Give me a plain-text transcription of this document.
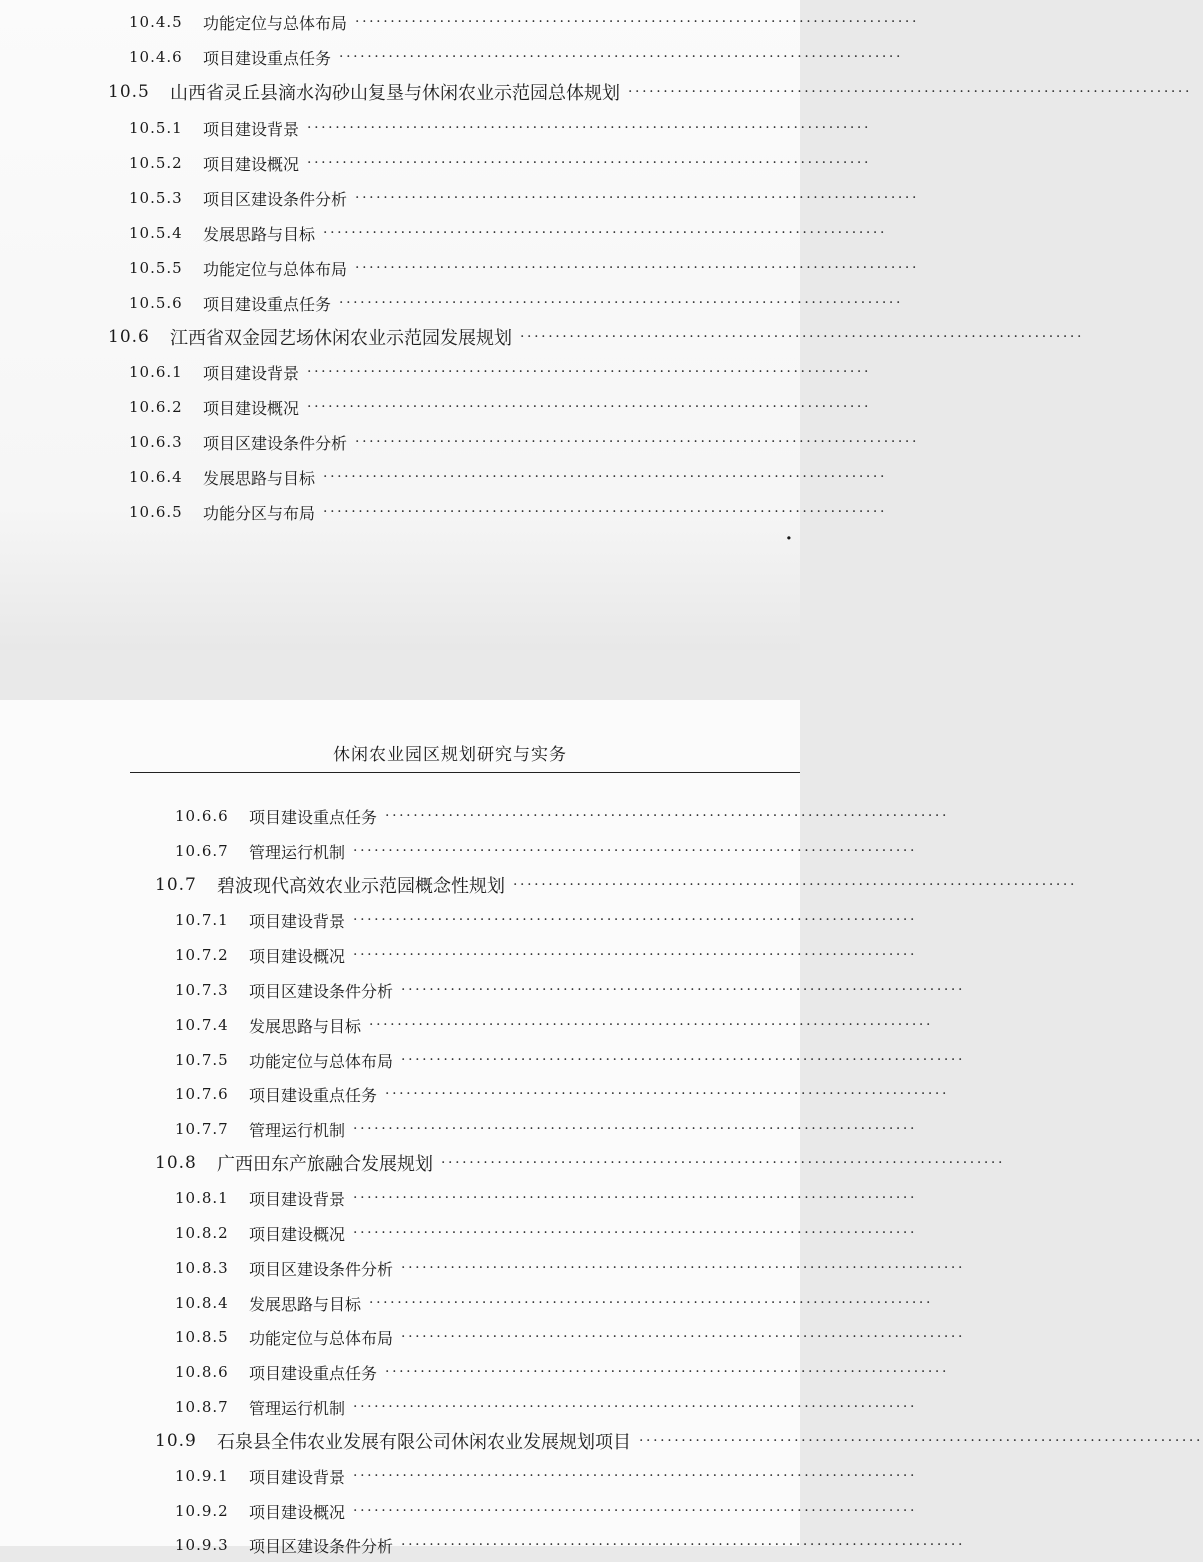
10.4.5	功能定位与总体布局 ················································································
10.4.6	项目建设重点任务 ················································································
10.5	山西省灵丘县滴水沟砂山复垦与休闲农业示范园总体规划 ················································································
10.5.1	项目建设背景 ················································································
10.5.2	项目建设概况 ················································································
10.5.3	项目区建设条件分析 ················································································
10.5.4	发展思路与目标 ················································································
10.5.5	功能定位与总体布局 ················································································
10.5.6	项目建设重点任务 ················································································
10.6	江西省双金园艺场休闲农业示范园发展规划 ················································································
10.6.1	项目建设背景 ················································································
10.6.2	项目建设概况 ················································································
10.6.3	项目区建设条件分析 ················································································
10.6.4	发展思路与目标 ················································································
10.6.5	功能分区与布局 ················································································
·
休闲农业园区规划研究与实务
10.6.6	项目建设重点任务 ················································································
10.6.7	管理运行机制 ················································································
10.7	碧波现代高效农业示范园概念性规划 ················································································
10.7.1	项目建设背景 ················································································
10.7.2	项目建设概况 ················································································
10.7.3	项目区建设条件分析 ················································································
10.7.4	发展思路与目标 ················································································
10.7.5	功能定位与总体布局 ················································································
10.7.6	项目建设重点任务 ················································································
10.7.7	管理运行机制 ················································································
10.8	广西田东产旅融合发展规划 ················································································
10.8.1	项目建设背景 ················································································
10.8.2	项目建设概况 ················································································
10.8.3	项目区建设条件分析 ················································································
10.8.4	发展思路与目标 ················································································
10.8.5	功能定位与总体布局 ················································································
10.8.6	项目建设重点任务 ················································································
10.8.7	管理运行机制 ················································································
10.9	石泉县全伟农业发展有限公司休闲农业发展规划项目 ················································································
10.9.1	项目建设背景 ················································································
10.9.2	项目建设概况 ················································································
10.9.3	项目区建设条件分析 ················································································
